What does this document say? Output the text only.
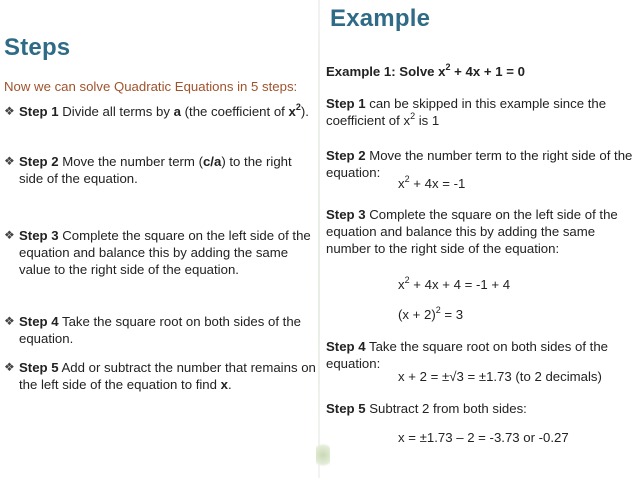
Steps
Now we can solve Quadratic Equations in 5 steps:
❖ Step 1 Divide all terms by a (the coefficient of $x^2$).
❖ Step 2 Move the number term (c/a) to the right side of the equation.
❖ Step 3 Complete the square on the left side of the equation and balance this by adding the same value to the right side of the equation.
❖ Step 4 Take the square root on both sides of the equation.
❖ Step 5 Add or subtract the number that remains on the left side of the equation to find x.
Example
Example 1: Solve $x^2 + 4x + 1 = 0$
Step 1 can be skipped in this example since the coefficient of $x^2$ is 1
Step 2 Move the number term to the right side of the equation:
$x^2 + 4x = -1$
Step 3 Complete the square on the left side of the equation and balance this by adding the same number to the right side of the equation:
$x^2 + 4x + 4 = -1 + 4$
$(x + 2)^2 = 3$
Step 4 Take the square root on both sides of the equation:
x + 2 = ±√3 = ±1.73 (to 2 decimals)
Step 5 Subtract 2 from both sides:
x = ±1.73 – 2 = -3.73 or -0.27
